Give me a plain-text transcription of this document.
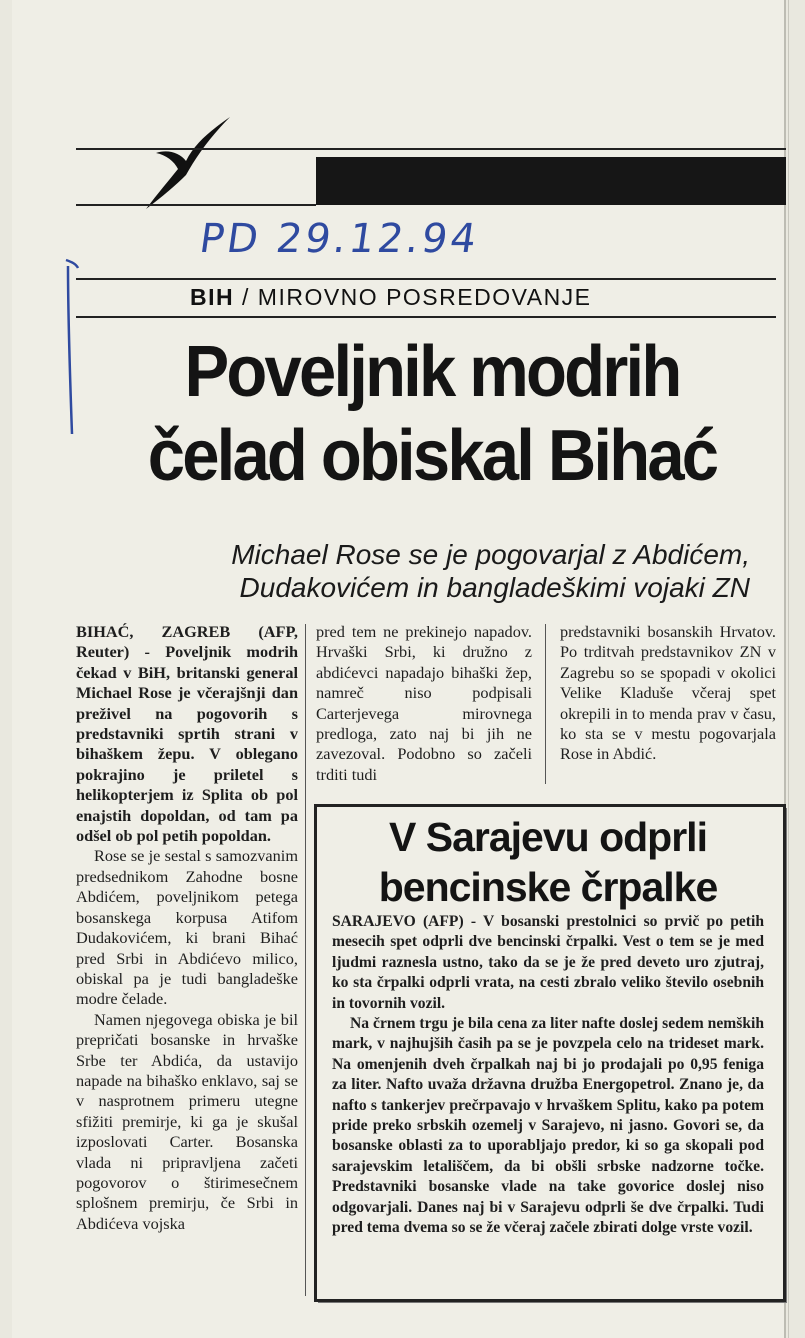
PD 29.12.94
BIH / MIROVNO POSREDOVANJE
Poveljnik modrih
čelad obiskal Bihać
Michael Rose se je pogovarjal z Abdićem,
Dudakovićem in bangladeškimi vojaki ZN

BIHAĆ, ZAGREB (AFP, Reuter) - Poveljnik modrih čekad v BiH, britanski general Michael Rose je včerajšnji dan preživel na pogovorih s predstavniki sprtih strani v bihaškem žepu. V oblegano pokrajino je priletel s helikopterjem iz Splita ob pol enajstih dopoldan, od tam pa odšel ob pol petih popoldan.

Rose se je sestal s samozvanim predsednikom Zahodne bosne Abdićem, poveljnikom petega bosanskega korpusa Atifom Dudakovićem, ki brani Bihać pred Srbi in Abdićevo milico, obiskal pa je tudi bangladeške modre čelade.

Namen njegovega obiska je bil prepričati bosanske in hrvaške Srbe ter Abdića, da ustavijo napade na bihaško enklavo, saj se v nasprotnem primeru utegne sfižiti premirje, ki ga je skušal izposlovati Carter. Bosanska vlada ni pripravljena začeti pogovorov o štirimesečnem splošnem premirju, če Srbi in Abdićeva vojska

pred tem ne prekinejo napadov. Hrvaški Srbi, ki družno z abdićevci napadajo bihaški žep, namreč niso podpisali Carterjevega mirovnega predloga, zato naj bi jih ne zavezoval. Podobno so začeli trditi tudi

predstavniki bosanskih Hrvatov. Po trditvah predstavnikov ZN v Zagrebu so se spopadi v okolici Velike Kladuše včeraj spet okrepili in to menda prav v času, ko sta se v mestu pogovarjala Rose in Abdić.

V Sarajevu odprli
bencinske črpalke

SARAJEVO (AFP) - V bosanski prestolnici so prvič po petih mesecih spet odprli dve bencinski črpalki. Vest o tem se je med ljudmi raznesla ustno, tako da se je že pred deveto uro zjutraj, ko sta črpalki odprli vrata, na cesti zbralo veliko število osebnih in tovornih vozil.

Na črnem trgu je bila cena za liter nafte doslej sedem nemških mark, v najhujših časih pa se je povzpela celo na trideset mark. Na omenjenih dveh črpalkah naj bi jo prodajali po 0,95 feniga za liter. Nafto uvaža državna družba Energopetrol. Znano je, da nafto s tankerjev prečrpavajo v hrvaškem Splitu, kako pa potem pride preko srbskih ozemelj v Sarajevo, ni jasno. Govori se, da bosanske oblasti za to uporabljajo predor, ki so ga skopali pod sarajevskim letališčem, da bi obšli srbske nadzorne točke. Predstavniki bosanske vlade na take govorice doslej niso odgovarjali. Danes naj bi v Sarajevu odprli še dve črpalki. Tudi pred tema dvema so se že včeraj začele zbirati dolge vrste vozil.
